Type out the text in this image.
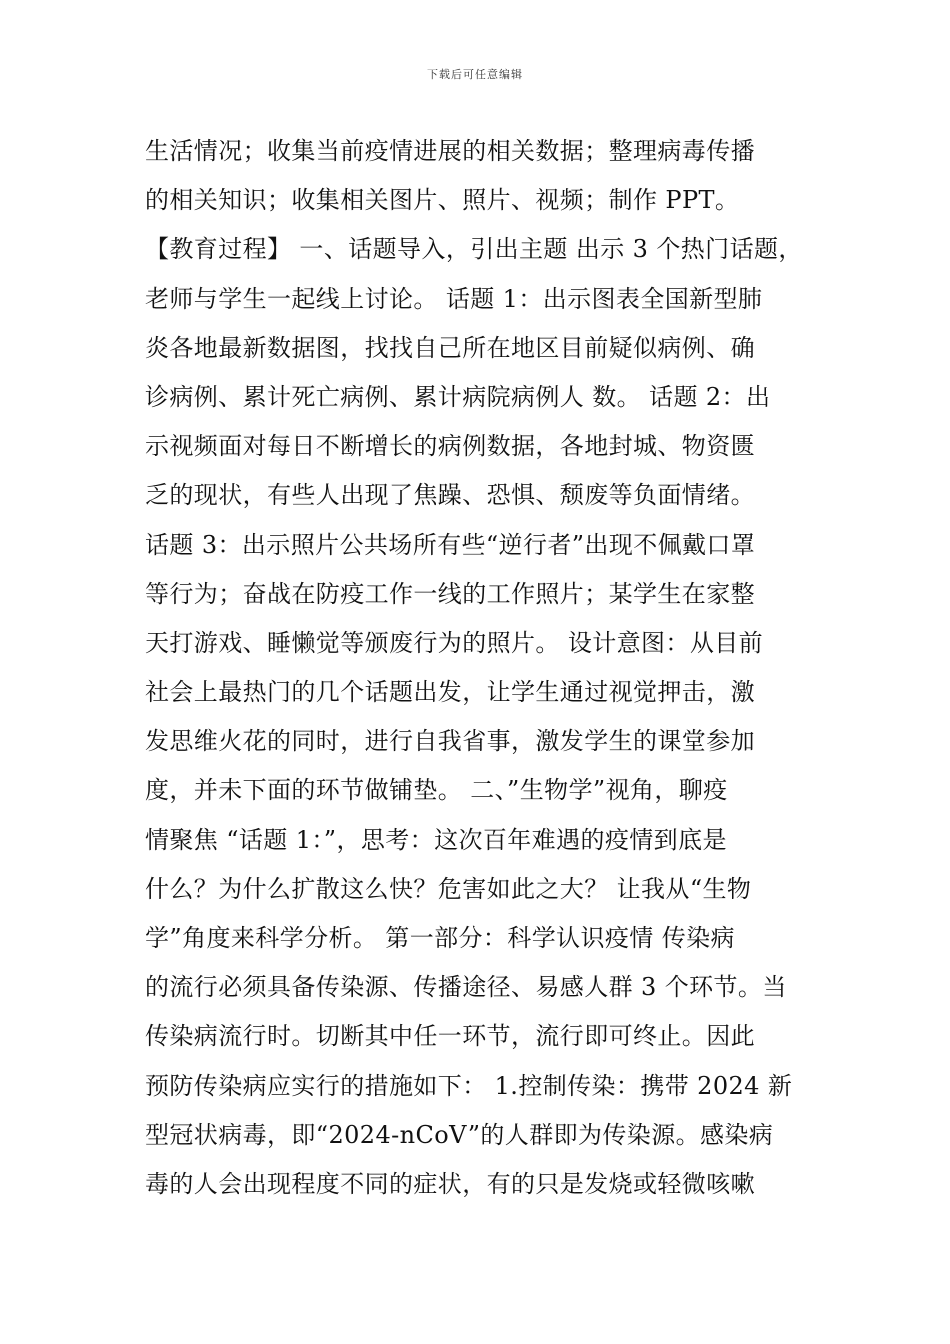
下载后可任意编辑
生活情况；收集当前疫情进展的相关数据；整理病毒传播
的相关知识；收集相关图片、照片、视频；制作 PPT。
【教育过程】 一、话题导入，引出主题 出示 3 个热门话题，
老师与学生一起线上讨论。 话题 1：出示图表全国新型肺
炎各地最新数据图，找找自己所在地区目前疑似病例、确
诊病例、累计死亡病例、累计病院病例人 数。 话题 2：出
示视频面对每日不断增长的病例数据，各地封城、物资匮
乏的现状，有些人出现了焦躁、恐惧、颓废等负面情绪。
话题 3：出示照片公共场所有些“逆行者”出现不佩戴口罩
等行为；奋战在防疫工作一线的工作照片；某学生在家整
天打游戏、睡懒觉等颁废行为的照片。 设计意图：从目前
社会上最热门的几个话题出发，让学生通过视觉押击，激
发思维火花的同时，进行自我省事，激发学生的课堂参加
度，并未下面的环节做铺垫。 二、”生物学”视角，聊疫
情聚焦 “话题 1：”，思考：这次百年难遇的疫情到底是
什么？为什么扩散这么快？危害如此之大？ 让我从“生物
学”角度来科学分析。 第一部分：科学认识疫情 传染病
的流行必须具备传染源、传播途径、易感人群 3 个环节。当
传染病流行时。切断其中任一环节，流行即可终止。因此
预防传染病应实行的措施如下： 1.控制传染：携带 2024 新
型冠状病毒，即“2024-nCoV”的人群即为传染源。感染病
毒的人会出现程度不同的症状，有的只是发烧或轻微咳嗽
